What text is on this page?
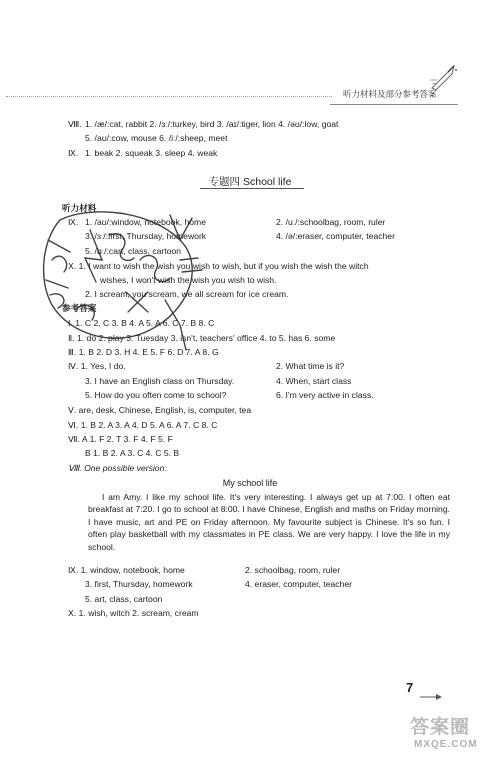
听力材料及部分参考答案
Ⅷ. 1. /æ/:cat, rabbit 2. /ɜː/:turkey, bird 3. /aɪ/:tiger, lion 4. /əʊ/:low, goat
5. /aʊ/:cow, mouse 6. /iː/:sheep, meet
Ⅸ. 1. beak 2. squeak 3. sleep 4. weak
专题四 School life
听力材料
Ⅸ. 1. /aʊ/:window, notebook, home	2. /uː/:schoolbag, room, ruler
3. /ɜː/:first, Thursday, homework	4. /ə/:eraser, computer, teacher
5. /ɑː/:cart, class, cartoon
Ⅹ. 1. I want to wish the wish you wish to wish, but if you wish the wish the witch
wishes, I won't wish the wish you wish to wish.
2. I scream, you scream, we all scream for ice cream.
参考答案
Ⅰ. 1. C 2. C 3. B 4. A 5. A 6. C 7. B 8. C
Ⅱ. 1. do 2. play 3. Tuesday 3. isn't, teachers' office 4. to 5. has 6. some
Ⅲ. 1. B 2. D 3. H 4. E 5. F 6. D 7. A 8. G
Ⅳ. 1. Yes, I do.	2. What time is it?
3. I have an English class on Thursday.	4. When, start class
5. How do you often come to school?	6. I'm very active in class.
Ⅴ. are, desk, Chinese, English, is, computer, tea
Ⅵ. 1. B 2. A 3. A 4. D 5. A 6. A 7. C 8. C
Ⅶ. A 1. F 2. T 3. F 4. F 5. F
B 1. B 2. A 3. C 4. C 5. B
Ⅷ. One possible version:
My school life
I am Amy. I like my school life. It's very interesting. I always get up at 7:00. I often eat breakfast at 7:20. I go to school at 8:00. I have Chinese, English and maths on Friday morning. I have music, art and PE on Friday afternoon. My favourite subject is Chinese. It's so fun. I often play basketball with my classmates in PE class. We are very happy. I love the life in my school.
Ⅸ. 1. window, notebook, home	2. schoolbag, room, ruler
3. first, Thursday, homework	4. eraser, computer, teacher
5. art, class, cartoon
Ⅹ. 1. wish, witch 2. scream, cream
7
答案圈
MXQE.COM
